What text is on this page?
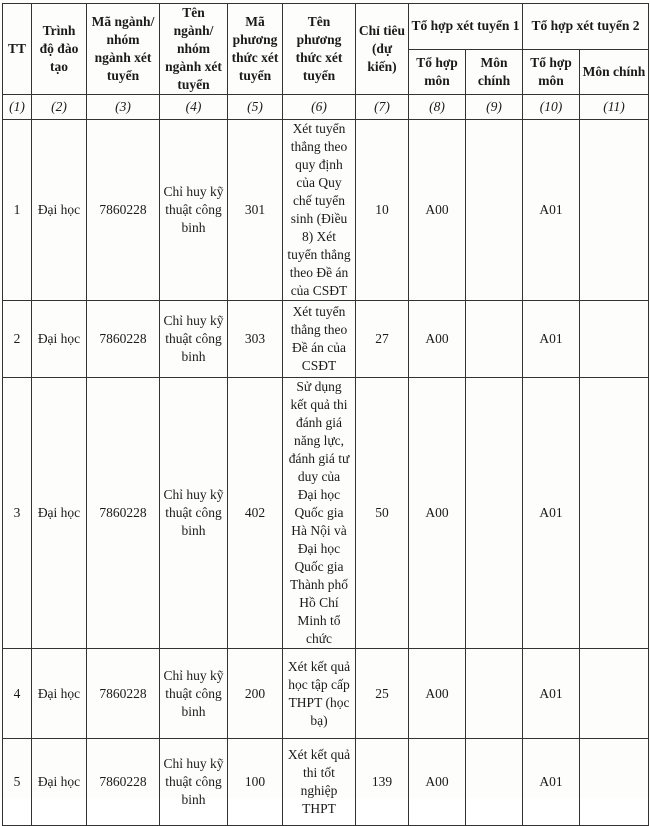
TT	Trình độ đào tạo	Mã ngành/ nhóm ngành xét tuyển	Tên ngành/ nhóm ngành xét tuyển	Mã phương thức xét tuyển	Tên phương thức xét tuyển	Chỉ tiêu (dự kiến)	Tổ hợp xét tuyển 1		Tổ hợp xét tuyển 2	
							Tổ hợp môn	Môn chính	Tổ hợp môn	Môn chính
(1)	(2)	(3)	(4)	(5)	(6)	(7)	(8)	(9)	(10)	(11)
1	Đại học	7860228	Chỉ huy kỹ thuật công binh	301	Xét tuyển thẳng theo quy định của Quy chế tuyển sinh (Điều 8) Xét tuyển thẳng theo Đề án của CSĐT	10	A00		A01	
2	Đại học	7860228	Chỉ huy kỹ thuật công binh	303	Xét tuyển thẳng theo Đề án của CSĐT	27	A00		A01	
3	Đại học	7860228	Chỉ huy kỹ thuật công binh	402	Sử dụng kết quả thi đánh giá năng lực, đánh giá tư duy của Đại học Quốc gia Hà Nội và Đại học Quốc gia Thành phố Hồ Chí Minh tổ chức	50	A00		A01	
4	Đại học	7860228	Chỉ huy kỹ thuật công binh	200	Xét kết quả học tập cấp THPT (học bạ)	25	A00		A01	
5	Đại học	7860228	Chỉ huy kỹ thuật công binh	100	Xét kết quả thi tốt nghiệp THPT	139	A00		A01	
